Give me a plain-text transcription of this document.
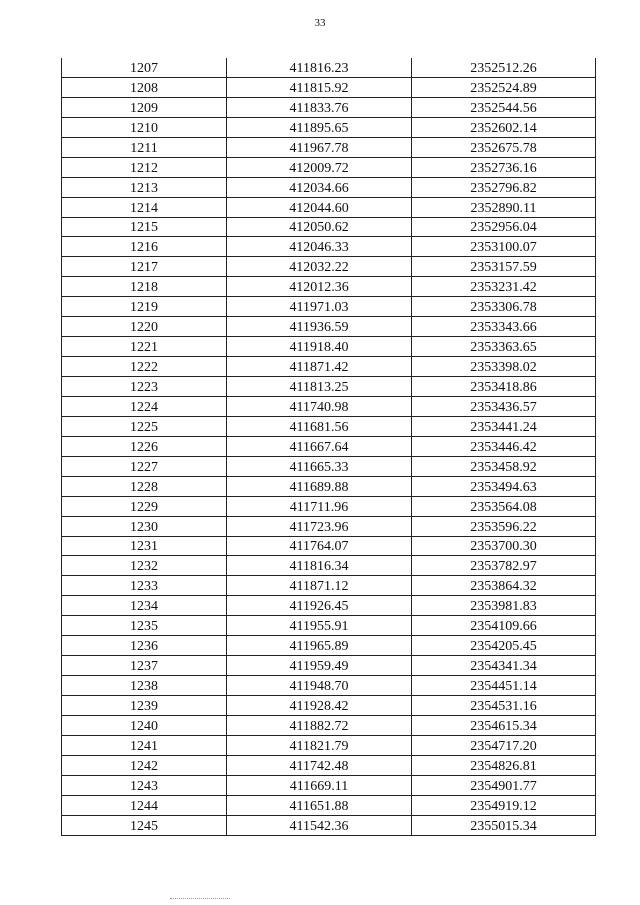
33
1207	411816.23	2352512.26
1208	411815.92	2352524.89
1209	411833.76	2352544.56
1210	411895.65	2352602.14
1211	411967.78	2352675.78
1212	412009.72	2352736.16
1213	412034.66	2352796.82
1214	412044.60	2352890.11
1215	412050.62	2352956.04
1216	412046.33	2353100.07
1217	412032.22	2353157.59
1218	412012.36	2353231.42
1219	411971.03	2353306.78
1220	411936.59	2353343.66
1221	411918.40	2353363.65
1222	411871.42	2353398.02
1223	411813.25	2353418.86
1224	411740.98	2353436.57
1225	411681.56	2353441.24
1226	411667.64	2353446.42
1227	411665.33	2353458.92
1228	411689.88	2353494.63
1229	411711.96	2353564.08
1230	411723.96	2353596.22
1231	411764.07	2353700.30
1232	411816.34	2353782.97
1233	411871.12	2353864.32
1234	411926.45	2353981.83
1235	411955.91	2354109.66
1236	411965.89	2354205.45
1237	411959.49	2354341.34
1238	411948.70	2354451.14
1239	411928.42	2354531.16
1240	411882.72	2354615.34
1241	411821.79	2354717.20
1242	411742.48	2354826.81
1243	411669.11	2354901.77
1244	411651.88	2354919.12
1245	411542.36	2355015.34
